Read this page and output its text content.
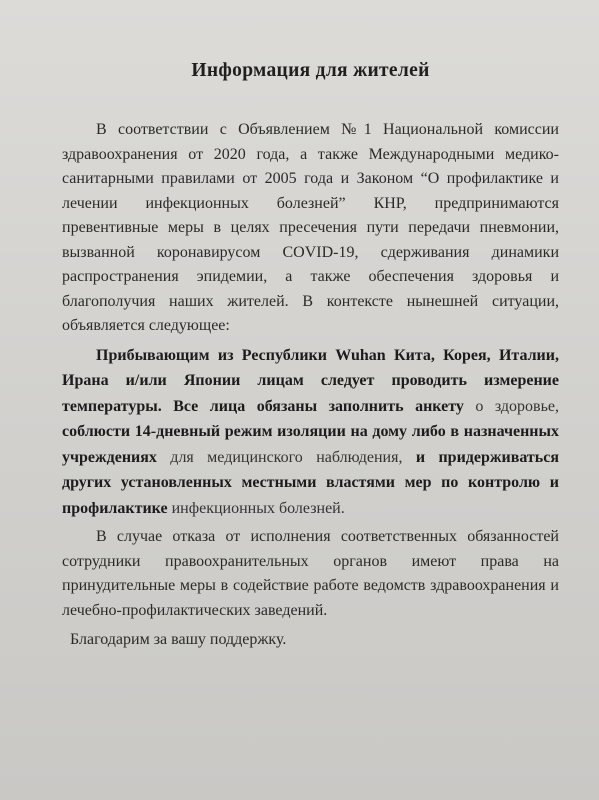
Информация для жителей

В соответствии с Объявлением №1 Национальной комиссии здравоохранения от 2020 года, а также Международными медико-санитарными правилами от 2005 года и Законом “О профилактике и лечении инфекционных болезней” КНР, предпринимаются превентивные меры в целях пресечения пути передачи пневмонии, вызванной коронавирусом COVID-19, сдерживания динамики распространения эпидемии, а также обеспечения здоровья и благополучия наших жителей. В контексте нынешней ситуации, объявляется следующее:

Прибывающим из Республики Wuhan Кита, Корея, Италии, Ирана и/или Японии лицам следует проводить измерение температуры. Все лица обязаны заполнить анкету о здоровье, соблюсти 14-дневный режим изоляции на дому либо в назначенных учреждениях для медицинского наблюдения, и придерживаться других установленных местными властями мер по контролю и профилактике инфекционных болезней.

В случае отказа от исполнения соответственных обязанностей сотрудники правоохранительных органов имеют права на принудительные меры в содействие работе ведомств здравоохранения и лечебно-профилактических заведений.

Благодарим за вашу поддержку.
